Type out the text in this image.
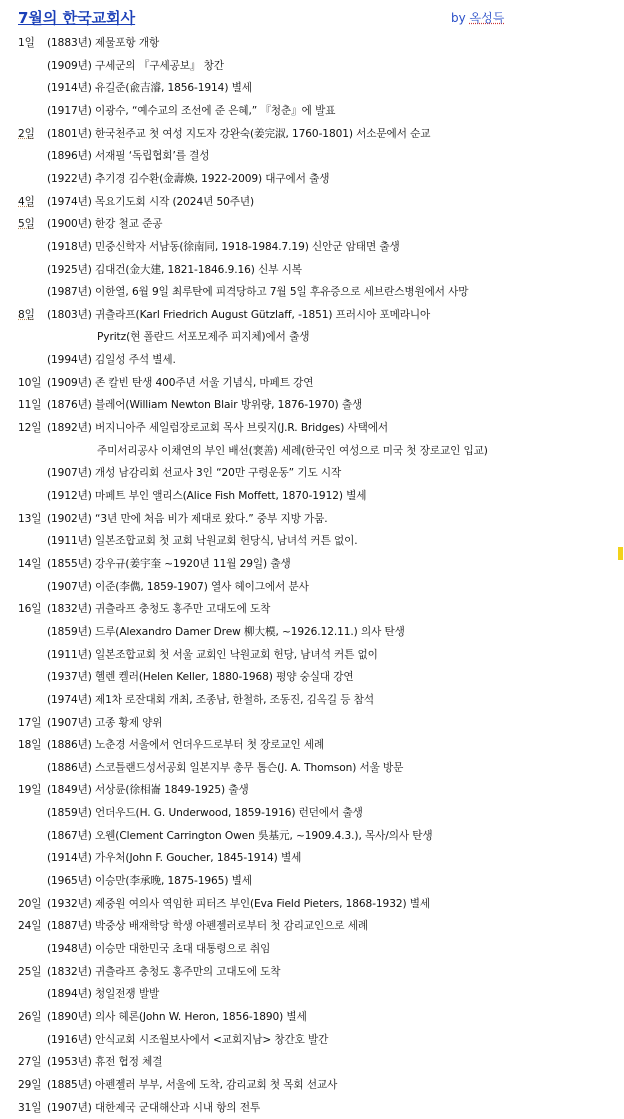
7월의 한국교회사	by 옥성득
1일 (1883년) 제물포항 개항
(1909년) 구세군의 『구세공보』 창간
(1914년) 유길준(兪吉濬, 1856-1914) 별세
(1917년) 이광수, “예수교의 조선에 준 은혜,” 『청춘』에 발표
2일 (1801년) 한국천주교 첫 여성 지도자 강완숙(姜完淑, 1760-1801) 서소문에서 순교
(1896년) 서재필 ‘독립협회’를 결성
(1922년) 추기경 김수환(金壽煥, 1922-2009) 대구에서 출생
4일 (1974년) 목요기도회 시작 (2024년 50주년)
5일 (1900년) 한강 철교 준공
(1918년) 민중신학자 서남동(徐南同, 1918-1984.7.19) 신안군 암태면 출생
(1925년) 김대건(金大建, 1821-1846.9.16) 신부 시복
(1987년) 이한열, 6월 9일 최루탄에 피격당하고 7월 5일 후유증으로 세브란스병원에서 사망
8일 (1803년) 귀츨라프(Karl Friedrich August Gützlaff, -1851) 프러시아 포메라니아
Pyritz(현 폴란드 서포모제주 피지체)에서 출생
(1994년) 김일성 주석 별세.
10일 (1909년) 존 칼빈 탄생 400주년 서울 기념식, 마페트 강연
11일 (1876년) 블레어(William Newton Blair 방위량, 1876-1970) 출생
12일 (1892년) 버지니아주 세일럼장로교회 목사 브릿지(J.R. Bridges) 사택에서
주미서리공사 이채연의 부인 배선(裵善) 세례(한국인 여성으로 미국 첫 장로교인 입교)
(1907년) 개성 남감리회 선교사 3인 “20만 구령운동” 기도 시작
(1912년) 마페트 부인 앨리스(Alice Fish Moffett, 1870-1912) 별세
13일 (1902년) “3년 만에 처음 비가 제대로 왔다.” 중부 지방 가뭄.
(1911년) 일본조합교회 첫 교회 낙원교회 헌당식, 남녀석 커튼 없이.
14일 (1855년) 강우규(姜宇奎 ~1920년 11월 29일) 출생
(1907년) 이준(李儁, 1859-1907) 열사 헤이그에서 분사
16일 (1832년) 귀츨라프 충청도 홍주만 고대도에 도착
(1859년) 드루(Alexandro Damer Drew 柳大模, ~1926.12.11.) 의사 탄생
(1911년) 일본조합교회 첫 서울 교회인 낙원교회 헌당, 남녀석 커튼 없이
(1937년) 헬렌 켈러(Helen Keller, 1880-1968) 평양 숭실대 강연
(1974년) 제1차 로잔대회 개최, 조종남, 한철하, 조동진, 김옥길 등 참석
17일 (1907년) 고종 황제 양위
18일 (1886년) 노춘경 서울에서 언더우드로부터 첫 장로교인 세례
(1886년) 스코틀랜드성서공회 일본지부 총무 톰슨(J. A. Thomson) 서울 방문
19일 (1849년) 서상륜(徐相崙 1849-1925) 출생
(1859년) 언더우드(H. G. Underwood, 1859-1916) 런던에서 출생
(1867년) 오웬(Clement Carrington Owen 吳基元, ~1909.4.3.), 목사/의사 탄생
(1914년) 가우처(John F. Goucher, 1845-1914) 별세
(1965년) 이승만(李承晚, 1875-1965) 별세
20일 (1932년) 제중원 여의사 역임한 피터즈 부인(Eva Field Pieters, 1868-1932) 별세
24일 (1887년) 박중상 배재학당 학생 아펜젤러로부터 첫 감리교인으로 세례
(1948년) 이승만 대한민국 초대 대통령으로 취임
25일 (1832년) 귀츨라프 충청도 홍주만의 고대도에 도착
(1894년) 청일전쟁 발발
26일 (1890년) 의사 헤론(John W. Heron, 1856-1890) 별세
(1916년) 안식교회 시조월보사에서 <교회지남> 창간호 발간
27일 (1953년) 휴전 협정 체결
29일 (1885년) 아펜젤러 부부, 서울에 도착, 감리교회 첫 목회 선교사
31일 (1907년) 대한제국 군대해산과 시내 항의 전투
